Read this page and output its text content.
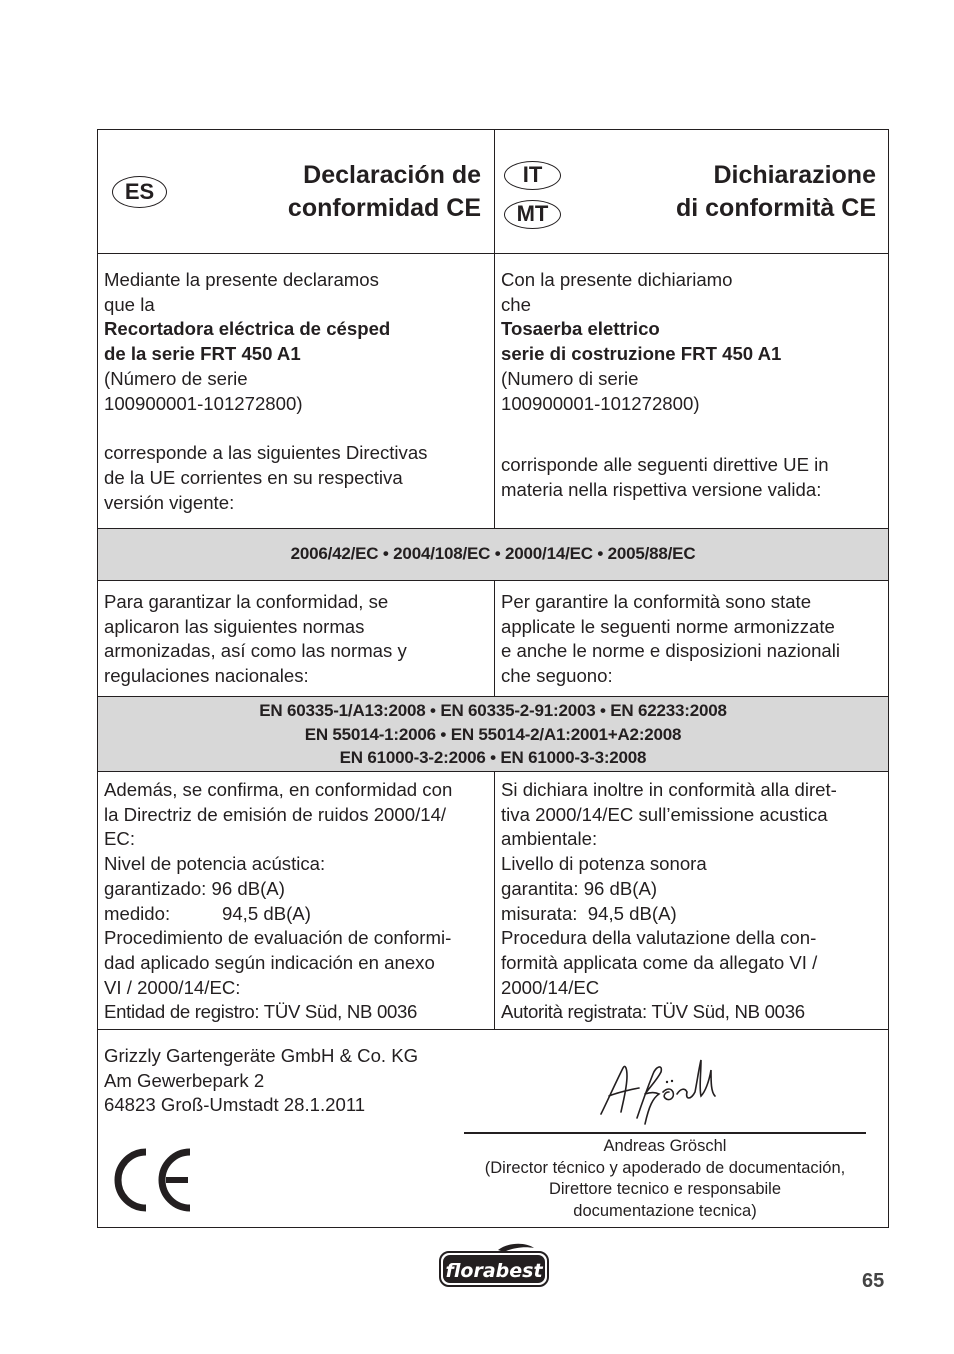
ES
Declaración de
conformidad CE
IT
MT
Dichiarazione
di conformità CE

Mediante la presente declaramos

que la

Recortadora eléctrica de césped

de la serie FRT 450 A1

(Número de serie

100900001-101272800)

corresponde a las siguientes Directivas

de la UE corrientes en su respectiva

versión vigente:

Con la presente dichiariamo

che

Tosaerba elettrico

serie di costruzione FRT 450 A1

(Numero di serie

100900001-101272800)

corrisponde alle seguenti direttive UE in

materia nella rispettiva versione valida:

2006/42/EC • 2004/108/EC • 2000/14/EC • 2005/88/EC

Para garantizar la conformidad, se

aplicaron las siguientes normas

armonizadas, así como las normas y

regulaciones nacionales:

Per garantire la conformità sono state

applicate le seguenti norme armonizzate

e anche le norme e disposizioni nazionali

che seguono:

EN 60335-1/A13:2008 • EN 60335-2-91:2003 • EN 62233:2008
EN 55014-1:2006 • EN 55014-2/A1:2001+A2:2008
EN 61000-3-2:2006 • EN 61000-3-3:2008

Además, se confirma, en conformidad con

la Directriz de emisión de ruidos 2000/14/

EC:

Nivel de potencia acústica:

garantizado: 96 dB(A)

medido:	94,5 dB(A)

Procedimiento de evaluación de conformi-

dad aplicado según indicación en anexo

VI / 2000/14/EC:

Entidad de registro: TÜV Süd, NB 0036

Si dichiara inoltre in conformità alla diret-

tiva 2000/14/EC sull’emissione acustica

ambientale:

Livello di potenza sonora

garantita: 96 dB(A)

misurata:  94,5 dB(A)

Procedura della valutazione della con-

formità applicata come da allegato VI /

2000/14/EC

Autorità registrata: TÜV Süd, NB 0036

Grizzly Gartengeräte GmbH & Co. KG

Am Gewerbepark 2

64823 Groß-Umstadt 28.1.2011

Andreas Gröschl
(Director técnico y apoderado de documentación,
Direttore tecnico e responsabile
documentazione tecnica)
florabest	65
